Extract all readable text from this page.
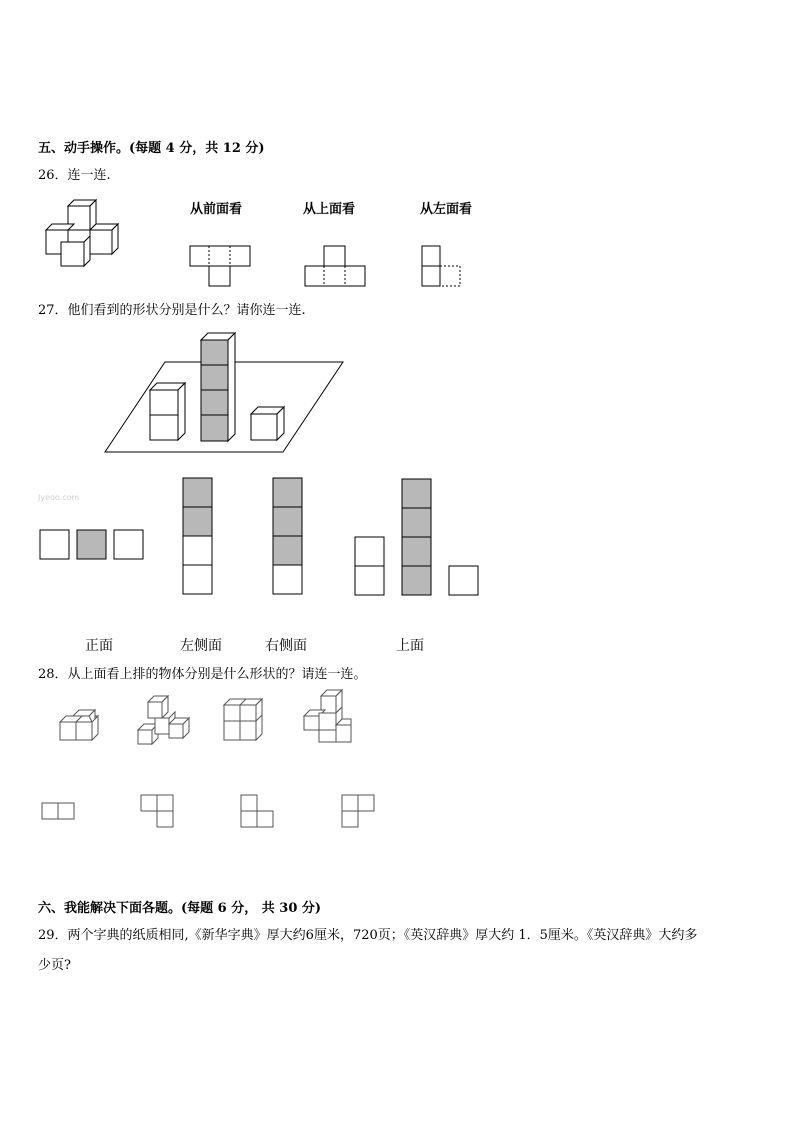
五、动手操作。(每题 4 分，共 12 分)
26．连一连.
从前面看	从上面看	从左面看
27．他们看到的形状分别是什么？请你连一连.
Jyeoo.com
正面	左侧面	右侧面	上面
28．从上面看上排的物体分别是什么形状的？请连一连。
六、我能解决下面各题。(每题 6 分， 共 30 分)
29．两个字典的纸质相同,《新华字典》厚大约6厘米，720页；《英汉辞典》厚大约 1．5厘米。《英汉辞典》大约多
少页?
